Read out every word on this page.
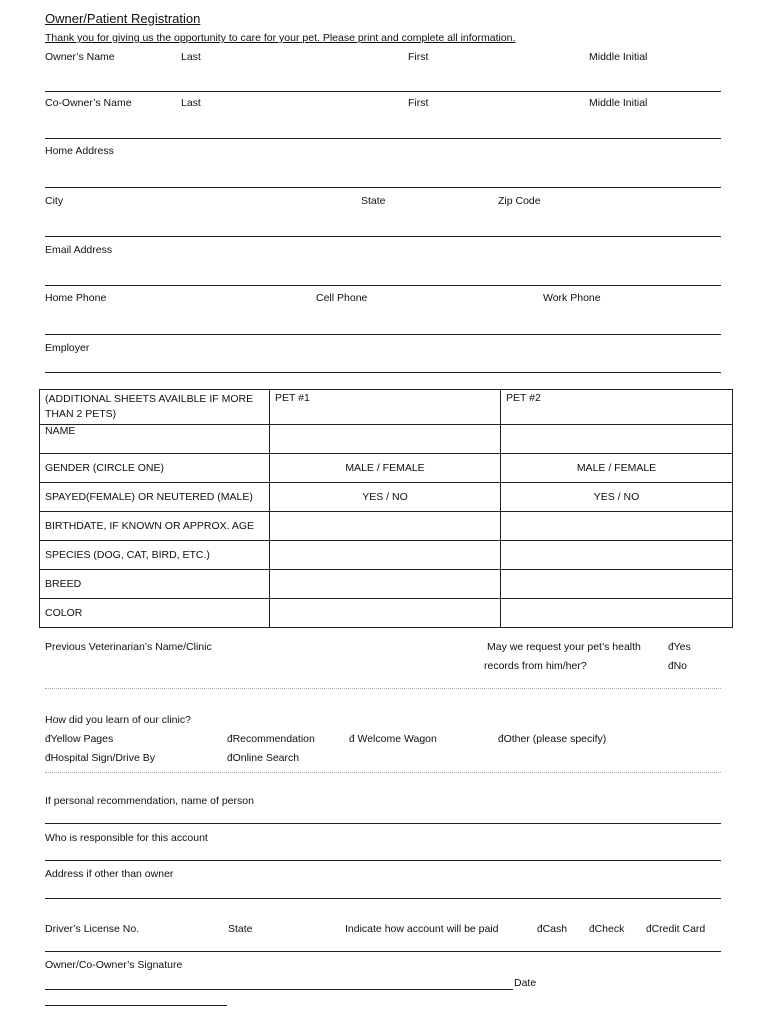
Owner/Patient Registration
Thank you for giving us the opportunity to care for your pet. Please print and complete all information.
Owner’s Name	Last	First	Middle Initial
Co-Owner’s Name	Last	First	Middle Initial
Home Address
City	State	Zip Code
Email Address
Home Phone	Cell Phone	Work Phone
Employer
(ADDITIONAL SHEETS AVAILBLE IF MORE THAN 2 PETS)	PET #1	PET #2
NAME		
GENDER (CIRCLE ONE)	MALE / FEMALE	MALE / FEMALE
SPAYED(FEMALE) OR NEUTERED (MALE)	YES / NO	YES / NO
BIRTHDATE, IF KNOWN OR APPROX. AGE		
SPECIES (DOG, CAT, BIRD, ETC.)		
BREED		
COLOR		
Previous Veterinarian’s Name/Clinic	May we request your pet’s health
records from him/her?
đYes
đNo
How did you learn of our clinic?
đYellow Pages	đRecommendation	đ Welcome Wagon	đOther (please specify)
đHospital Sign/Drive By	đOnline Search
If personal recommendation, name of person
Who is responsible for this account
Address if other than owner
Driver’s License No.	State	Indicate how account will be paid	đCash đCheck đCredit Card
Owner/Co-Owner’s Signature
Date
